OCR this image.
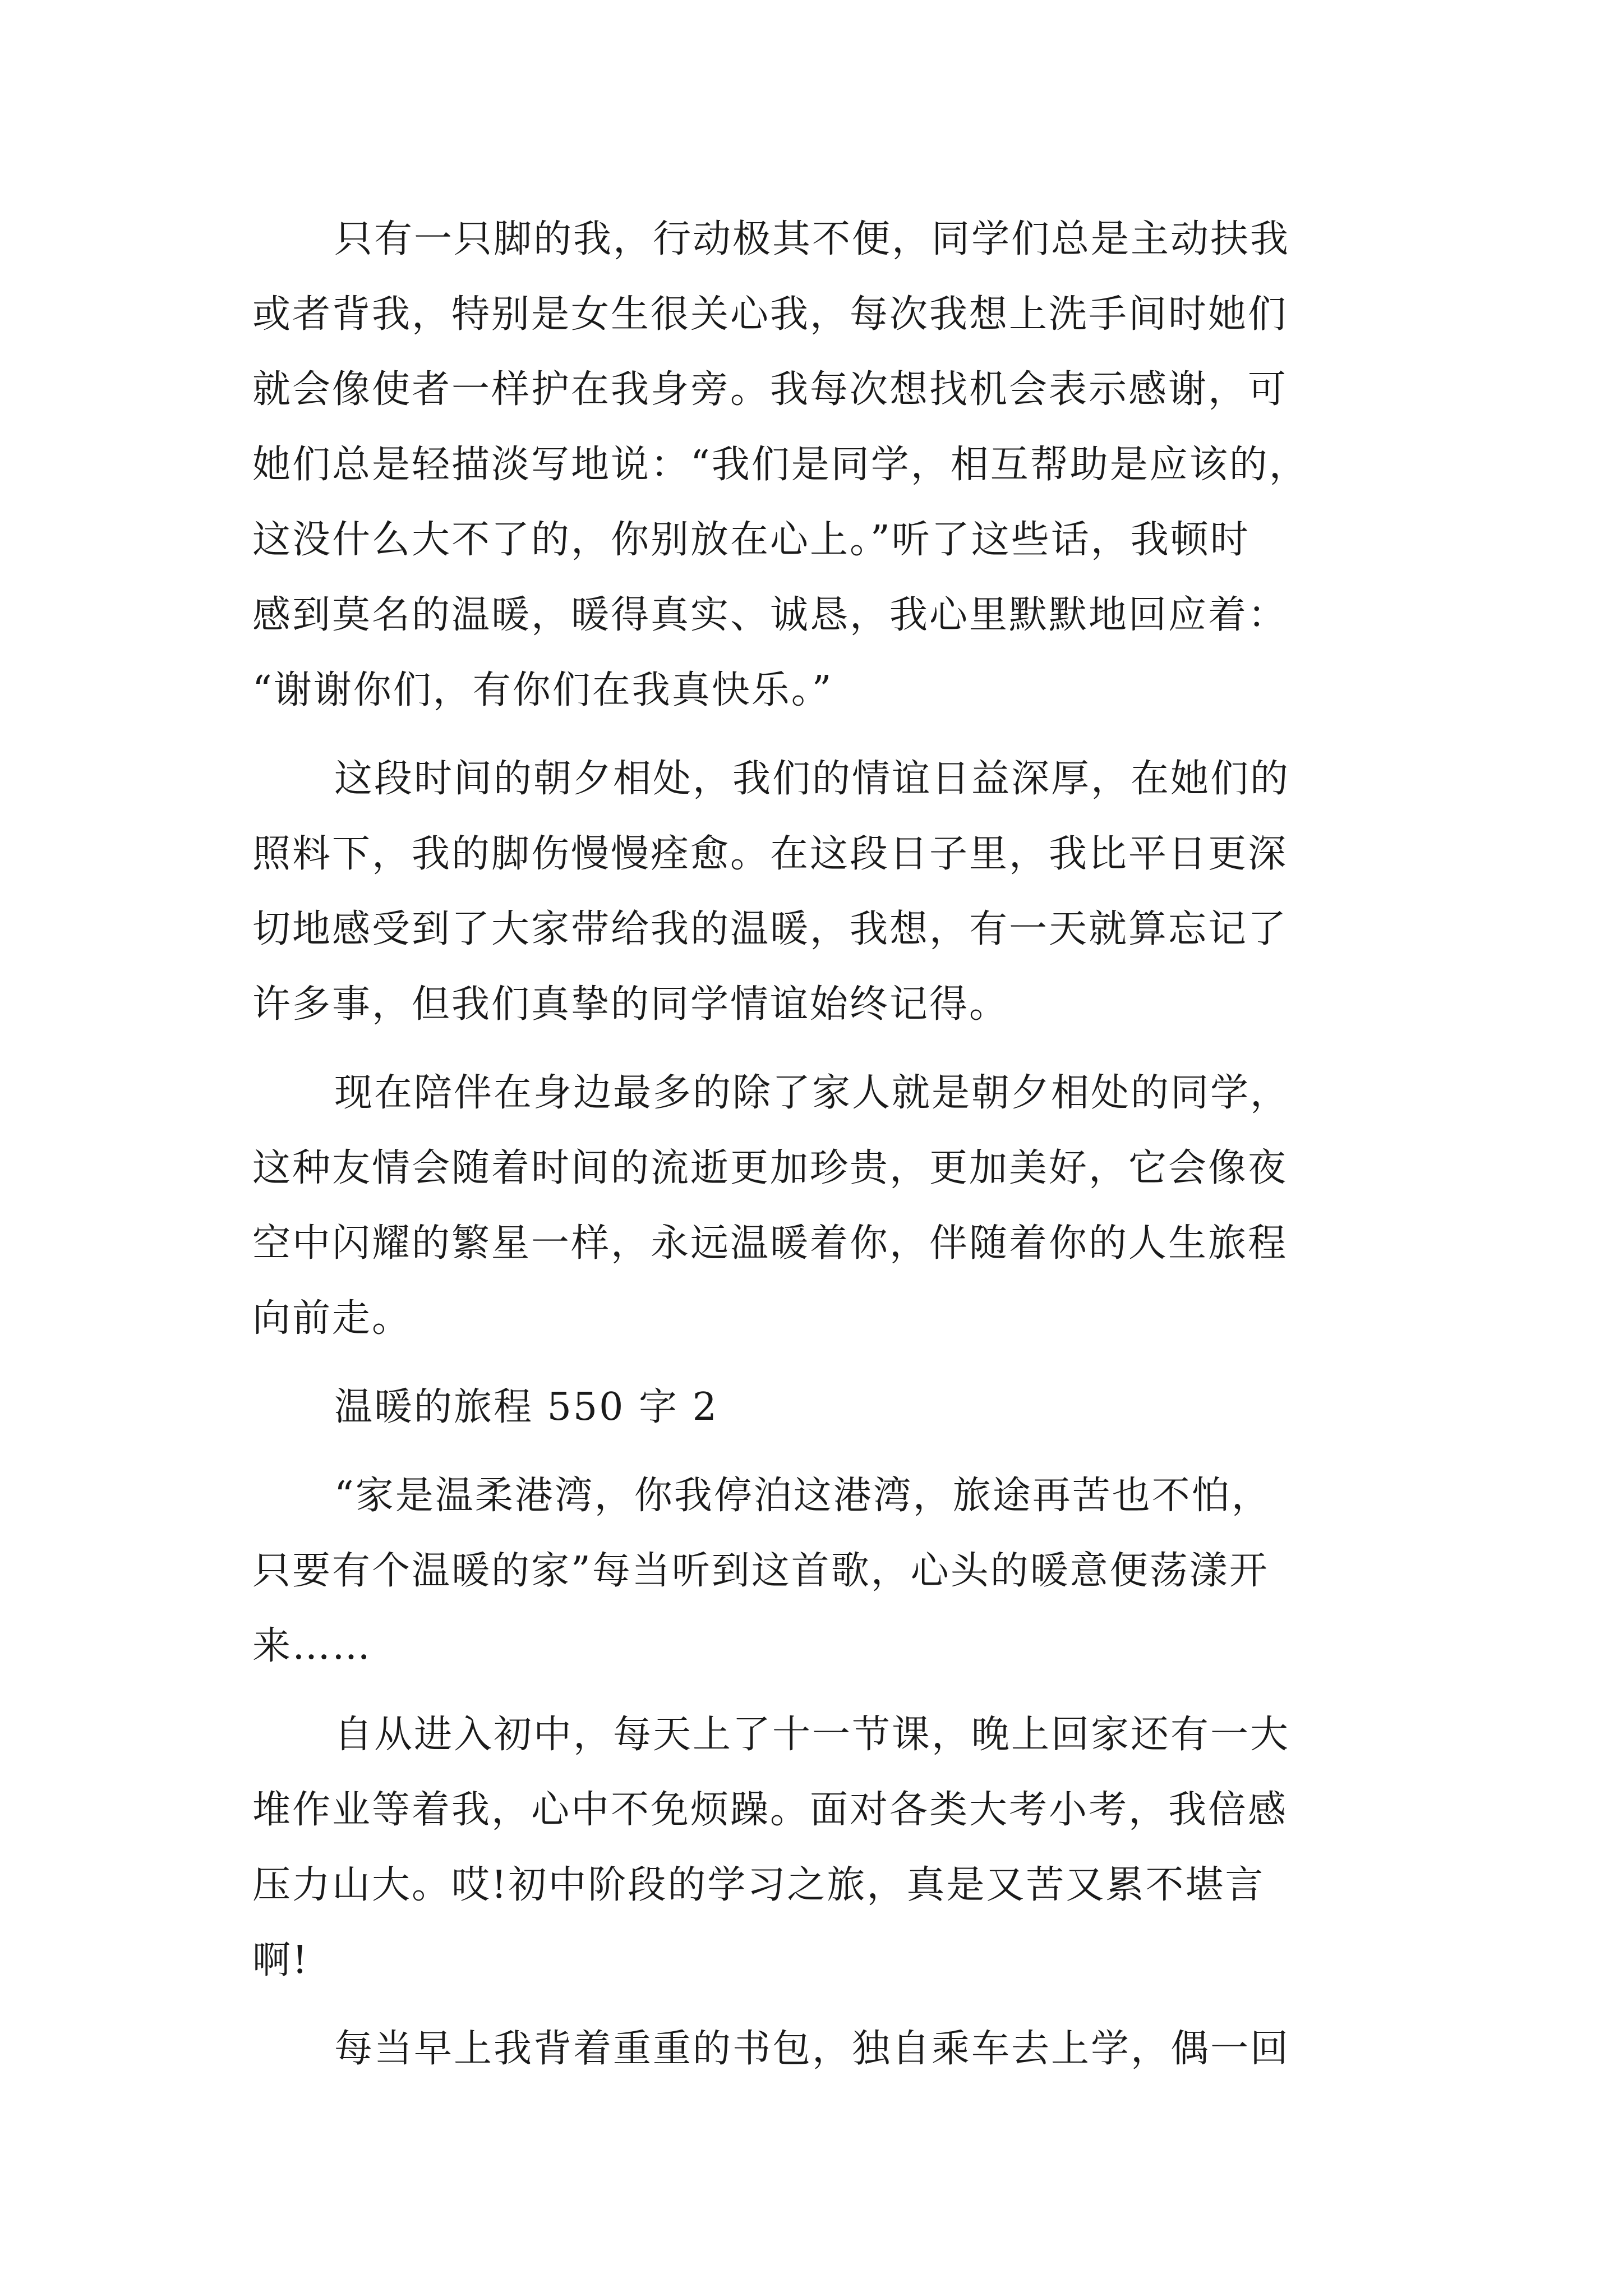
只有一只脚的我，行动极其不便，同学们总是主动扶我
或者背我，特别是女生很关心我，每次我想上洗手间时她们
就会像使者一样护在我身旁。我每次想找机会表示感谢，可
她们总是轻描淡写地说：“我们是同学，相互帮助是应该的，
这没什么大不了的，你别放在心上。”听了这些话，我顿时
感到莫名的温暖，暖得真实、诚恳，我心里默默地回应着：
“谢谢你们，有你们在我真快乐。”
这段时间的朝夕相处，我们的情谊日益深厚，在她们的
照料下，我的脚伤慢慢痊愈。在这段日子里，我比平日更深
切地感受到了大家带给我的温暖，我想，有一天就算忘记了
许多事，但我们真挚的同学情谊始终记得。
现在陪伴在身边最多的除了家人就是朝夕相处的同学，
这种友情会随着时间的流逝更加珍贵，更加美好，它会像夜
空中闪耀的繁星一样，永远温暖着你，伴随着你的人生旅程
向前走。
温暖的旅程 550 字 2
“家是温柔港湾，你我停泊这港湾，旅途再苦也不怕，
只要有个温暖的家”每当听到这首歌，心头的暖意便荡漾开
来……
自从进入初中，每天上了十一节课，晚上回家还有一大
堆作业等着我，心中不免烦躁。面对各类大考小考，我倍感
压力山大。哎!初中阶段的学习之旅，真是又苦又累不堪言
啊!
每当早上我背着重重的书包，独自乘车去上学，偶一回
